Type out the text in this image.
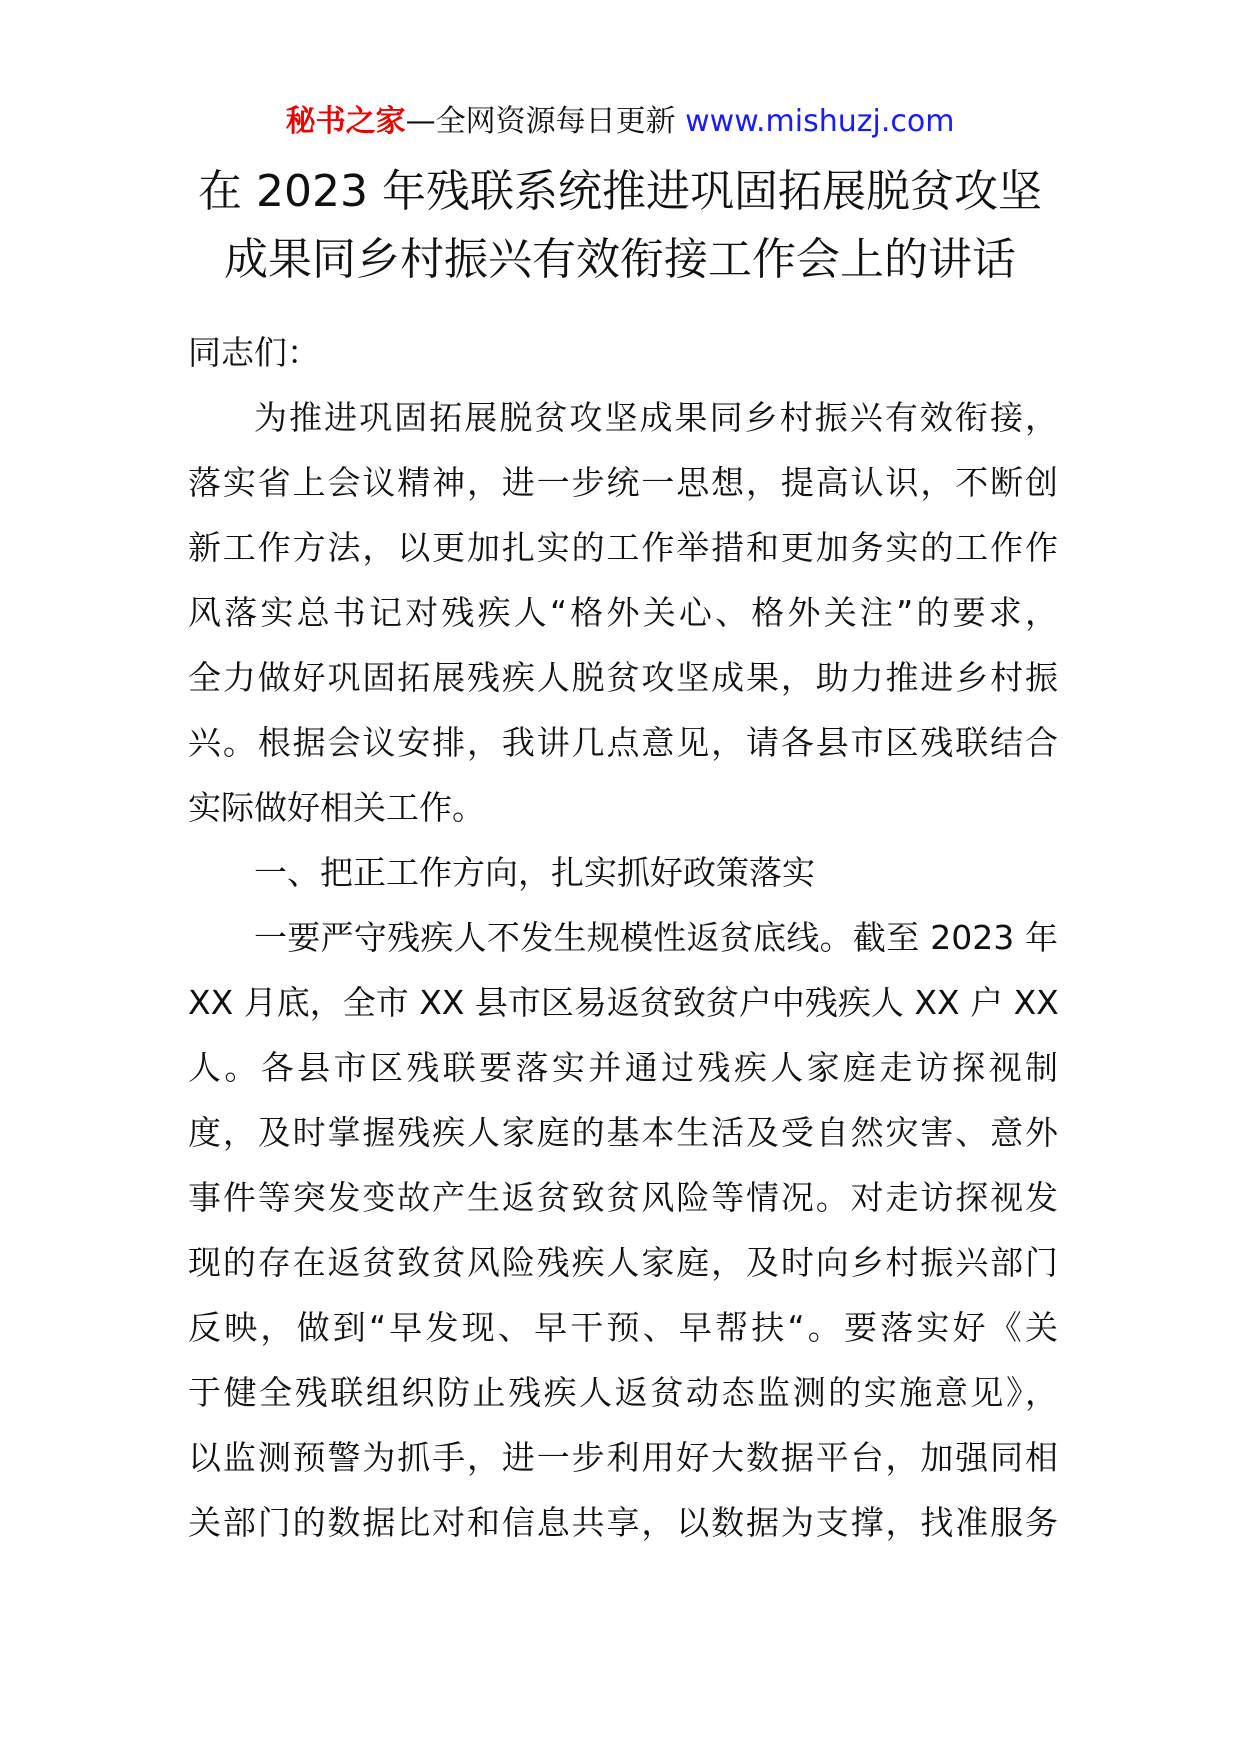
秘书之家—全网资源每日更新 www.mishuzj.com
在 2023 年残联系统推进巩固拓展脱贫攻坚
成果同乡村振兴有效衔接工作会上的讲话
同志们：
为推进巩固拓展脱贫攻坚成果同乡村振兴有效衔接，
落实省上会议精神，进一步统一思想，提高认识，不断创
新工作方法，以更加扎实的工作举措和更加务实的工作作
风落实总书记对残疾人“格外关心、格外关注”的要求，
全力做好巩固拓展残疾人脱贫攻坚成果，助力推进乡村振
兴。根据会议安排，我讲几点意见，请各县市区残联结合
实际做好相关工作。
一、把正工作方向，扎实抓好政策落实
一要严守残疾人不发生规模性返贫底线。截至 2023 年
XX 月底，全市 XX 县市区易返贫致贫户中残疾人 XX 户 XX
人。各县市区残联要落实并通过残疾人家庭走访探视制
度，及时掌握残疾人家庭的基本生活及受自然灾害、意外
事件等突发变故产生返贫致贫风险等情况。对走访探视发
现的存在返贫致贫风险残疾人家庭，及时向乡村振兴部门
反映，做到“早发现、早干预、早帮扶“。要落实好《关
于健全残联组织防止残疾人返贫动态监测的实施意见》，
以监测预警为抓手，进一步利用好大数据平台，加强同相
关部门的数据比对和信息共享，以数据为支撑，找准服务
